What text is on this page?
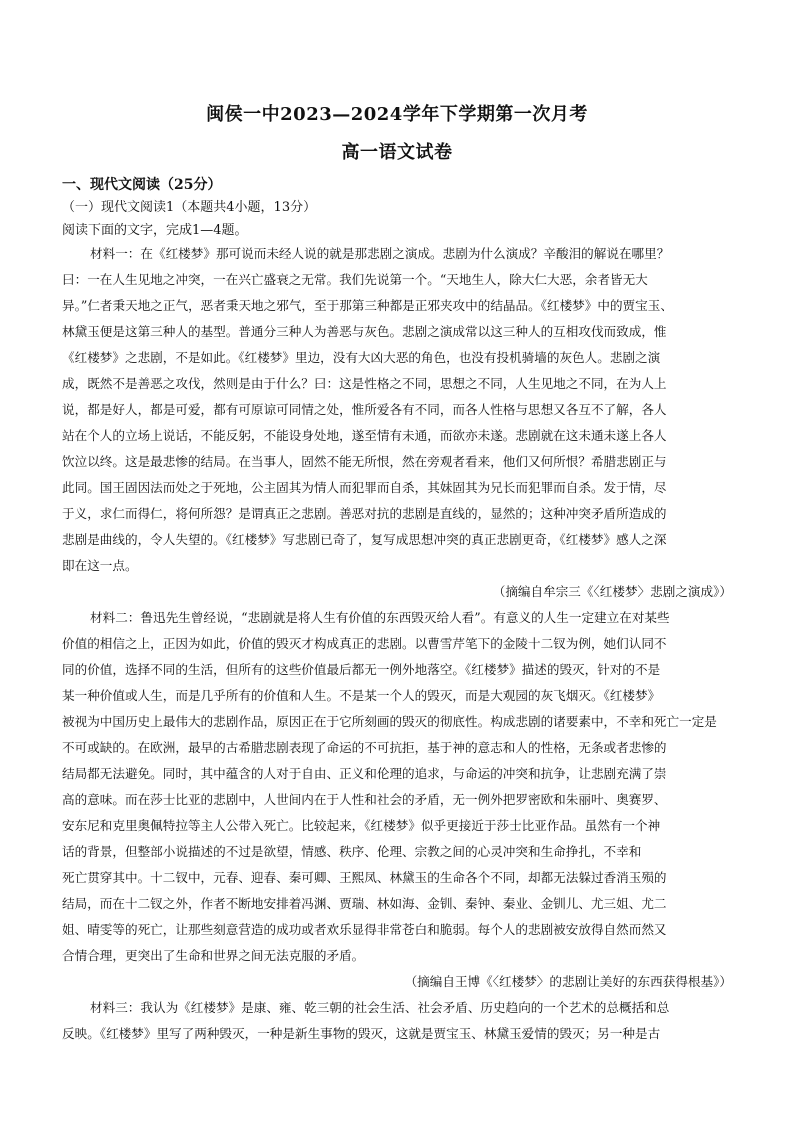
闽侯一中2023—2024学年下学期第一次月考
高一语文试卷
一、现代文阅读（25分）
（一）现代文阅读1（本题共4小题，13分）
阅读下面的文字，完成1—4题。
材料一：在《红楼梦》那可说而未经人说的就是那悲剧之演成。悲剧为什么演成？辛酸泪的解说在哪里？
曰：一在人生见地之冲突，一在兴亡盛衰之无常。我们先说第一个。“天地生人，除大仁大恶，余者皆无大
异。”仁者秉天地之正气，恶者秉天地之邪气，至于那第三种都是正邪夹攻中的结晶品。《红楼梦》中的贾宝玉、
林黛玉便是这第三种人的基型。普通分三种人为善恶与灰色。悲剧之演成常以这三种人的互相攻伐而致成，惟
《红楼梦》之悲剧，不是如此。《红楼梦》里边，没有大凶大恶的角色，也没有投机骑墙的灰色人。悲剧之演
成，既然不是善恶之攻伐，然则是由于什么？曰：这是性格之不同，思想之不同，人生见地之不同，在为人上
说，都是好人，都是可爱，都有可原谅可同情之处，惟所爱各有不同，而各人性格与思想又各互不了解，各人
站在个人的立场上说话，不能反躬，不能设身处地，遂至情有未通，而欲亦未遂。悲剧就在这未通未遂上各人
饮泣以终。这是最悲惨的结局。在当事人，固然不能无所恨，然在旁观者看来，他们又何所恨？希腊悲剧正与
此同。国王固因法而处之于死地，公主固其为情人而犯罪而自杀，其妹固其为兄长而犯罪而自杀。发于情，尽
于义，求仁而得仁，将何所怨？是谓真正之悲剧。善恶对抗的悲剧是直线的，显然的；这种冲突矛盾所造成的
悲剧是曲线的，令人失望的。《红楼梦》写悲剧已奇了，复写成思想冲突的真正悲剧更奇，《红楼梦》感人之深
即在这一点。
（摘编自牟宗三《〈红楼梦〉悲剧之演成》）
材料二：鲁迅先生曾经说，“悲剧就是将人生有价值的东西毁灭给人看”。有意义的人生一定建立在对某些
价值的相信之上，正因为如此，价值的毁灭才构成真正的悲剧。以曹雪芹笔下的金陵十二钗为例，她们认同不
同的价值，选择不同的生活，但所有的这些价值最后都无一例外地落空。《红楼梦》描述的毁灭，针对的不是
某一种价值或人生，而是几乎所有的价值和人生。不是某一个人的毁灭，而是大观园的灰飞烟灭。《红楼梦》
被视为中国历史上最伟大的悲剧作品，原因正在于它所刻画的毁灭的彻底性。构成悲剧的诸要素中，不幸和死亡一定是
不可或缺的。在欧洲，最早的古希腊悲剧表现了命运的不可抗拒，基于神的意志和人的性格，无条或者悲惨的
结局都无法避免。同时，其中蕴含的人对于自由、正义和伦理的追求，与命运的冲突和抗争，让悲剧充满了崇
高的意味。而在莎士比亚的悲剧中，人世间内在于人性和社会的矛盾，无一例外把罗密欧和朱丽叶、奥赛罗、
安东尼和克里奥佩特拉等主人公带入死亡。比较起来，《红楼梦》似乎更接近于莎士比亚作品。虽然有一个神
话的背景，但整部小说描述的不过是欲望，情感、秩序、伦理、宗教之间的心灵冲突和生命挣扎，不幸和
死亡贯穿其中。十二钗中，元春、迎春、秦可卿、王熙凤、林黛玉的生命各个不同，却都无法躲过香消玉殒的
结局，而在十二钗之外，作者不断地安排着冯渊、贾瑞、林如海、金钏、秦钟、秦业、金钏儿、尤三姐、尤二
姐、晴雯等的死亡，让那些刻意营造的成功或者欢乐显得非常苍白和脆弱。每个人的悲剧被安放得自然而然又
合情合理，更突出了生命和世界之间无法克服的矛盾。
（摘编自王博《〈红楼梦〉的悲剧让美好的东西获得根基》）
材料三：我认为《红楼梦》是康、雍、乾三朝的社会生活、社会矛盾、历史趋向的一个艺术的总概括和总
反映。《红楼梦》里写了两种毁灭，一种是新生事物的毁灭，这就是贾宝玉、林黛玉爱情的毁灭；另一种是古
